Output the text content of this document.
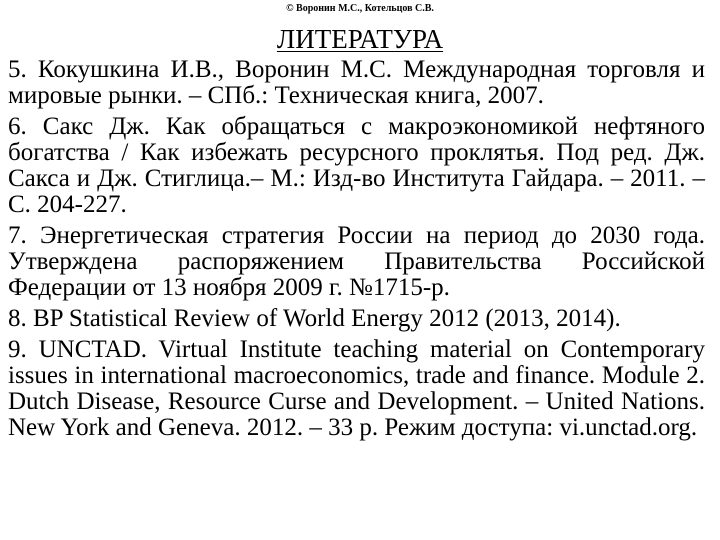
© Воронин М.С., Котельцов С.В.
ЛИТЕРАТУРА

5. Кокушкина И.В., Воронин М.С. Международная торговля и мировые рынки. – СПб.: Техническая книга, 2007.

6. Сакс Дж. Как обращаться с макроэкономикой нефтяного богатства / Как избежать ресурсного проклятья. Под ред. Дж. Сакса и Дж. Стиглица.– М.: Изд-во Института Гайдара. – 2011. – С. 204-227.

7. Энергетическая стратегия России на период до 2030 года. Утверждена распоряжением Правительства Российской Федерации от 13 ноября 2009 г. №1715-р.

8. BP Statistical Review of World Energy 2012 (2013, 2014).

9. UNCTAD. Virtual Institute teaching material on Contemporary issues in international macroeconomics, trade and finance. Module 2. Dutch Disease, Resource Curse and Development. – United Nations. New York and Geneva. 2012. – 33 p. Режим доступа: vi.unctad.org.
